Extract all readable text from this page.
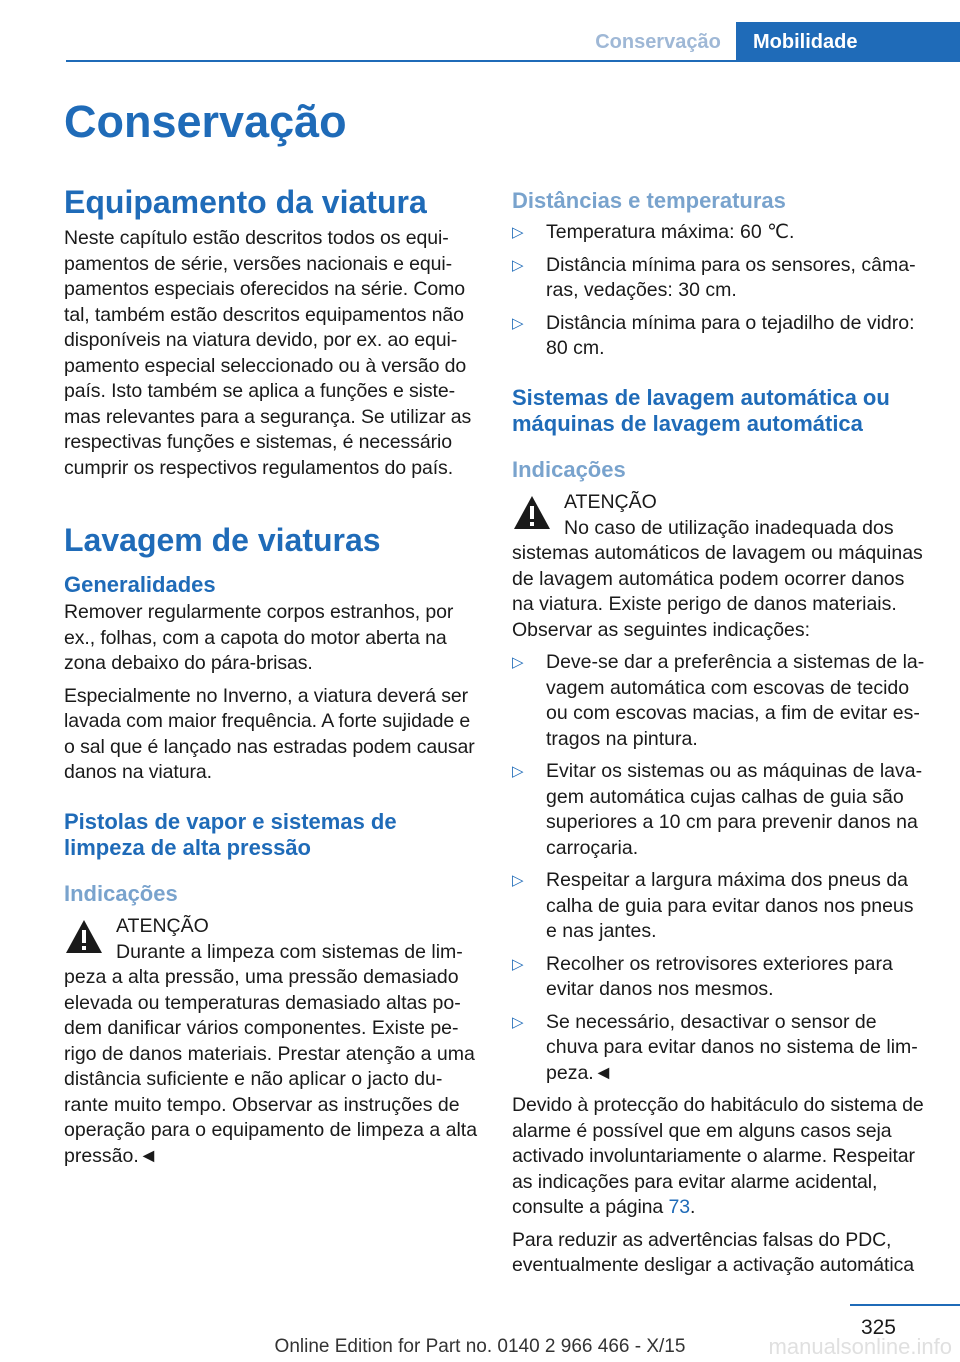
Conservação	Mobilidade
Conservação
Equipamento da viatura

Neste capítulo estão descritos todos os equipamentos de série, versões nacionais e equipamentos especiais oferecidos na série. Como tal, também estão descritos equipamentos não disponíveis na viatura devido, por ex. ao equipamento especial seleccionado ou à versão do país. Isto também se aplica a funções e sistemas relevantes para a segurança. Se utilizar as respectivas funções e sistemas, é necessário cumprir os respectivos regulamentos do país.

Lavagem de viaturas
Generalidades

Remover regularmente corpos estranhos, por ex., folhas, com a capota do motor aberta na zona debaixo do pára-brisas.

Especialmente no Inverno, a viatura deverá ser lavada com maior frequência. A forte sujidade e o sal que é lançado nas estradas podem causar danos na viatura.

Pistolas de vapor e sistemas de limpeza de alta pressão
Indicações
ATENÇÃO
Durante a limpeza com sistemas de lim-
peza a alta pressão, uma pressão demasiado elevada ou temperaturas demasiado altas podem danificar vários componentes. Existe perigo de danos materiais. Prestar atenção a uma distância suficiente e não aplicar o jacto durante muito tempo. Observar as instruções de operação para o equipamento de limpeza a alta pressão.◄
Distâncias e temperaturas
▷ Temperatura máxima: 60 ℃.
▷ Distância mínima para os sensores, câmaras, vedações: 30 cm.
▷ Distância mínima para o tejadilho de vidro: 80 cm.
Sistemas de lavagem automática ou máquinas de lavagem automática
Indicações
ATENÇÃO
No caso de utilização inadequada dos
sistemas automáticos de lavagem ou máquinas de lavagem automática podem ocorrer danos na viatura. Existe perigo de danos materiais. Observar as seguintes indicações:
▷ Deve-se dar a preferência a sistemas de lavagem automática com escovas de tecido ou com escovas macias, a fim de evitar estragos na pintura.
▷ Evitar os sistemas ou as máquinas de lavagem automática cujas calhas de guia são superiores a 10 cm para prevenir danos na carroçaria.
▷ Respeitar a largura máxima dos pneus da calha de guia para evitar danos nos pneus e nas jantes.
▷ Recolher os retrovisores exteriores para evitar danos nos mesmos.
▷ Se necessário, desactivar o sensor de chuva para evitar danos no sistema de limpeza.◄

Devido à protecção do habitáculo do sistema de alarme é possível que em alguns casos seja activado involuntariamente o alarme. Respeitar as indicações para evitar alarme acidental, consulte a página 73.

Para reduzir as advertências falsas do PDC, eventualmente desligar a activação automática

325
Online Edition for Part no. 0140 2 966 466 - X/15	manualsonline.info
